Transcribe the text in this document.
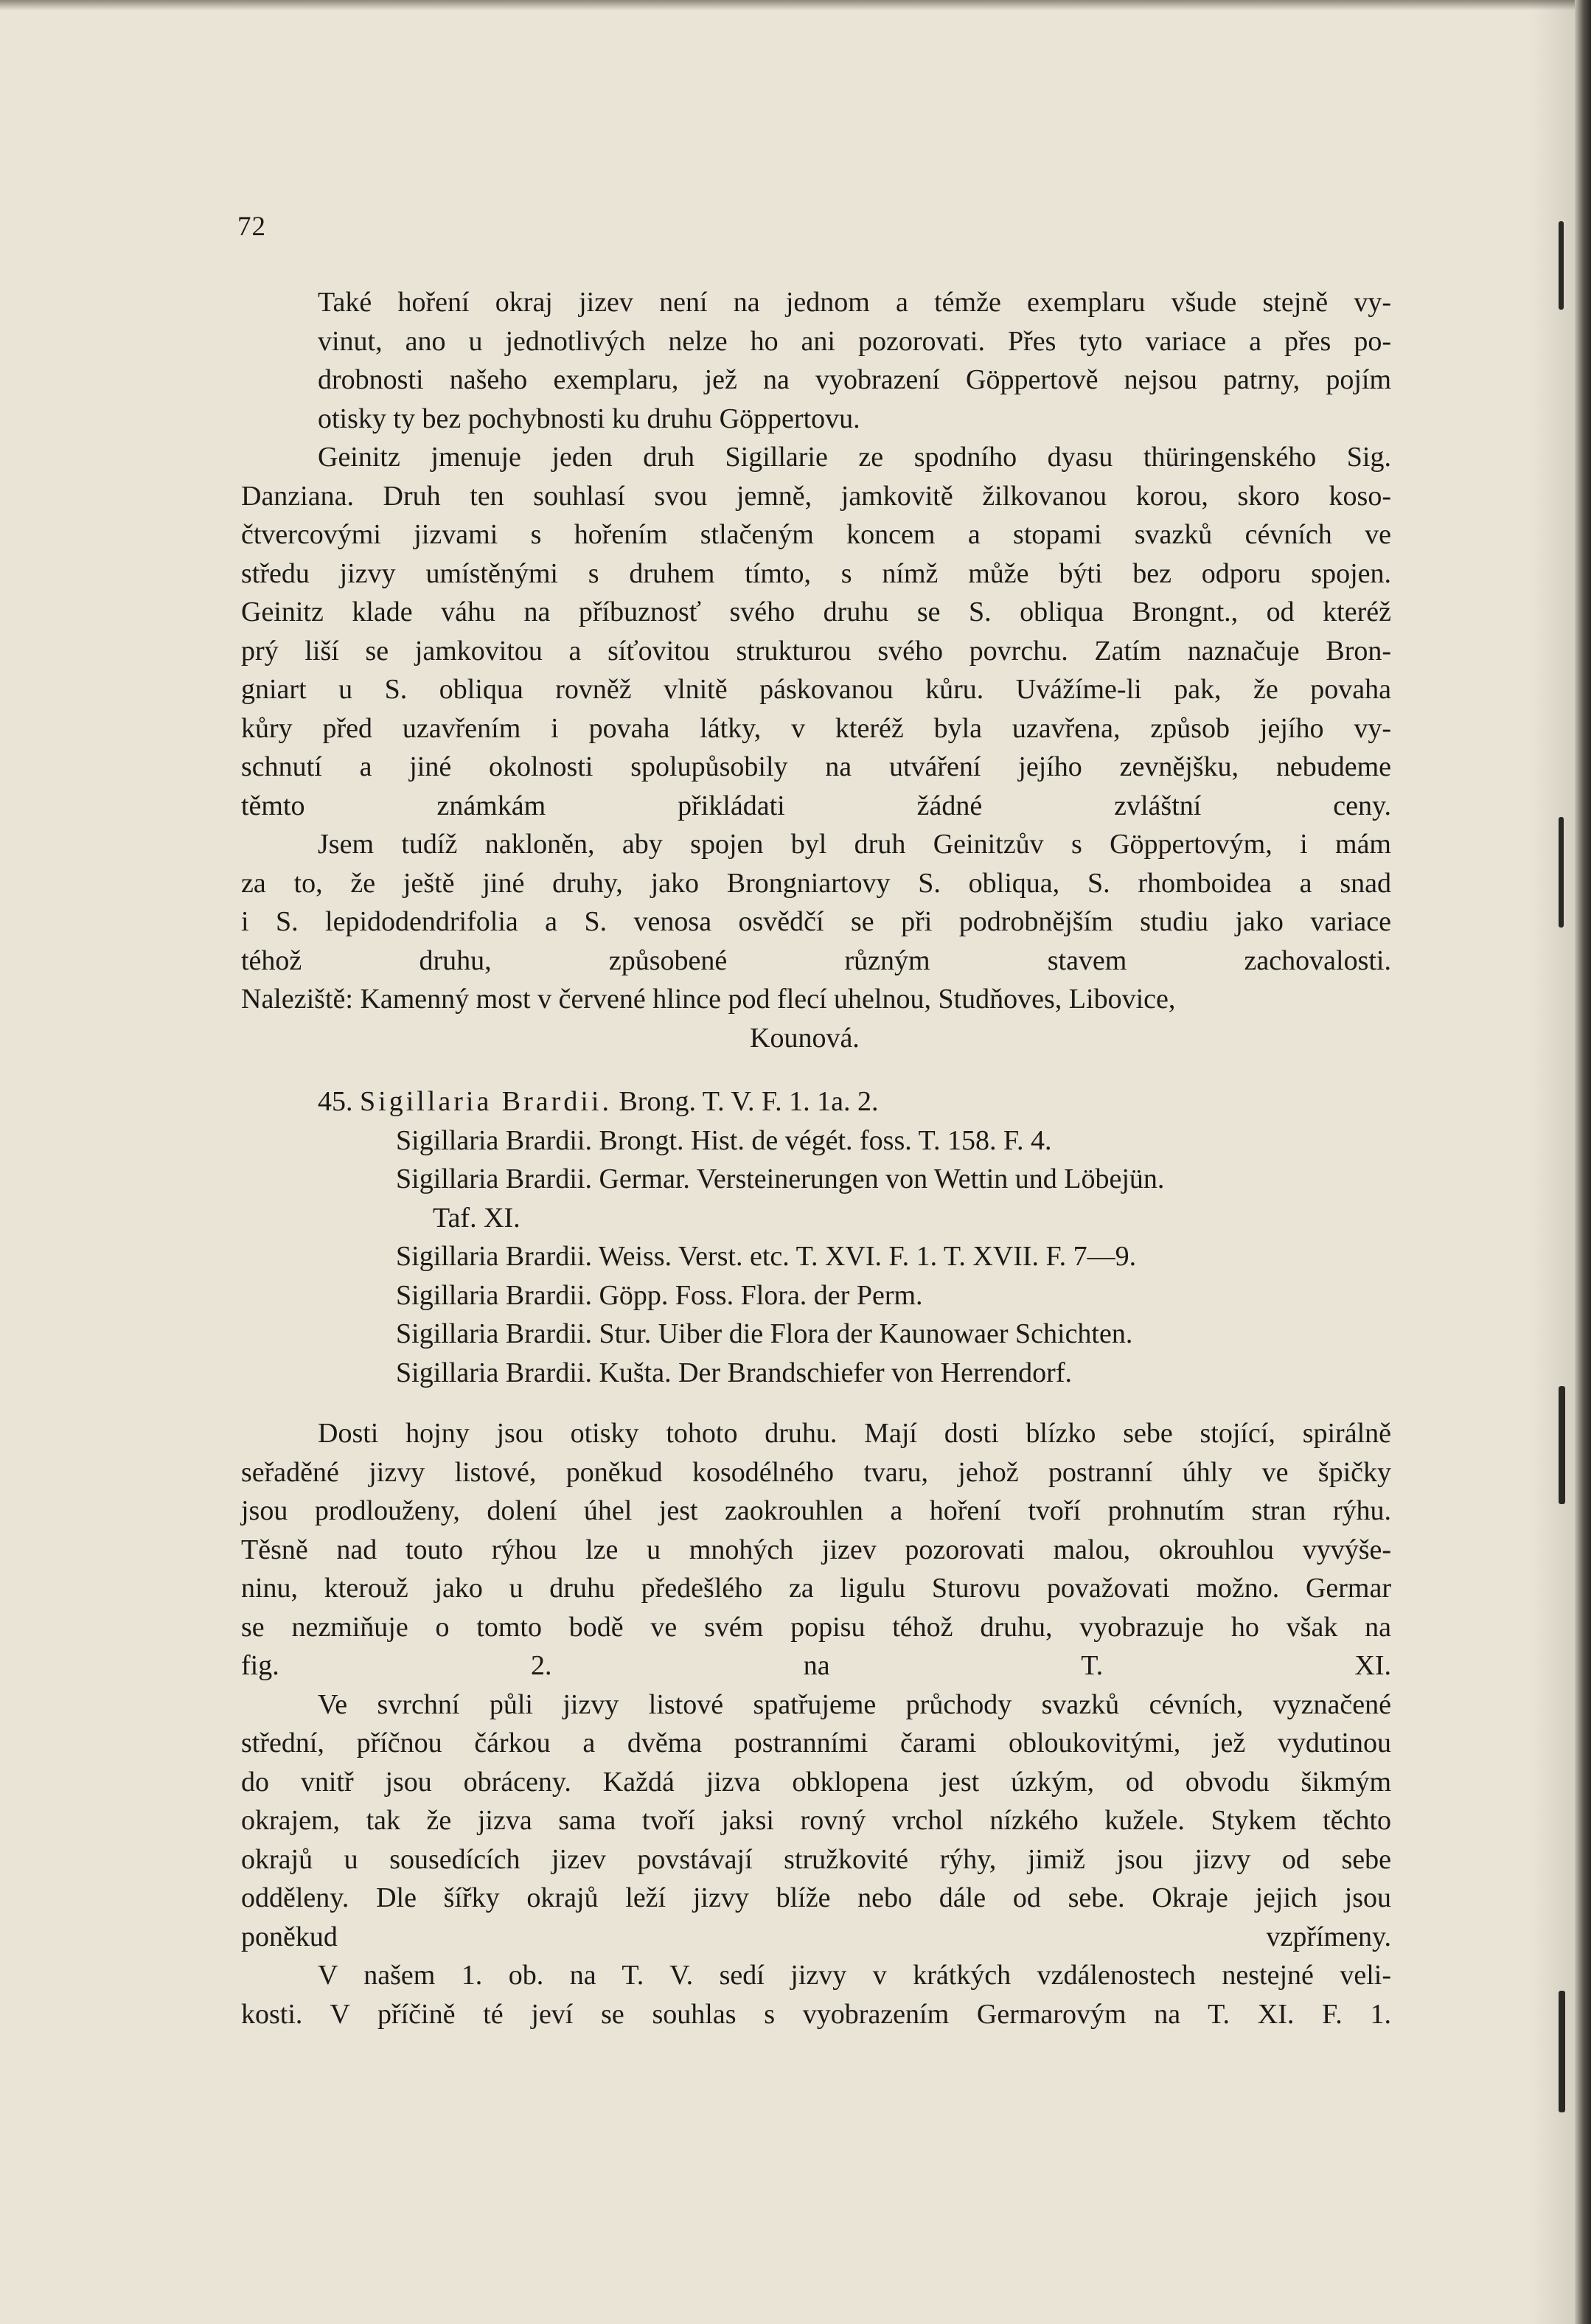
72
Také hoření okraj jizev není na jednom a témže exemplaru všude stejně vy-
vinut, ano u jednotlivých nelze ho ani pozorovati. Přes tyto variace a přes po-
drobnosti našeho exemplaru, jež na vyobrazení Göppertově nejsou patrny, pojím
otisky ty bez pochybnosti ku druhu Göppertovu.
Geinitz jmenuje jeden druh Sigillarie ze spodního dyasu thüringenského Sig.
Danziana. Druh ten souhlasí svou jemně, jamkovitě žilkovanou korou, skoro koso-
čtvercovými jizvami s hořením stlačeným koncem a stopami svazků cévních ve
středu jizvy umístěnými s druhem tímto, s nímž může býti bez odporu spojen.
Geinitz klade váhu na příbuznosť svého druhu se S. obliqua Brongnt., od kteréž
prý liší se jamkovitou a síťovitou strukturou svého povrchu. Zatím naznačuje Bron-
gniart u S. obliqua rovněž vlnitě páskovanou kůru. Uvážíme-li pak, že povaha
kůry před uzavřením i povaha látky, v kteréž byla uzavřena, způsob jejího vy-
schnutí a jiné okolnosti spolupůsobily na utváření jejího zevnějšku, nebudeme
těmto známkám přikládati žádné zvláštní ceny.
Jsem tudíž nakloněn, aby spojen byl druh Geinitzův s Göppertovým, i mám
za to, že ještě jiné druhy, jako Brongniartovy S. obliqua, S. rhomboidea a snad
i S. lepidodendrifolia a S. venosa osvědčí se při podrobnějším studiu jako variace
téhož druhu, způsobené různým stavem zachovalosti.
Naleziště: Kamenný most v červené hlince pod flecí uhelnou, Studňoves, Libovice,
Kounová.
45. Sigillaria Brardii. Brong. T. V. F. 1. 1a. 2.
Sigillaria Brardii. Brongt. Hist. de végét. foss. T. 158. F. 4.
Sigillaria Brardii. Germar. Versteinerungen von Wettin und Löbejün.
Taf. XI.
Sigillaria Brardii. Weiss. Verst. etc. T. XVI. F. 1. T. XVII. F. 7—9.
Sigillaria Brardii. Göpp. Foss. Flora. der Perm.
Sigillaria Brardii. Stur. Uiber die Flora der Kaunowaer Schichten.
Sigillaria Brardii. Kušta. Der Brandschiefer von Herrendorf.
Dosti hojny jsou otisky tohoto druhu. Mají dosti blízko sebe stojící, spirálně
seřaděné jizvy listové, poněkud kosodélného tvaru, jehož postranní úhly ve špičky
jsou prodlouženy, dolení úhel jest zaokrouhlen a hoření tvoří prohnutím stran rýhu.
Těsně nad touto rýhou lze u mnohých jizev pozorovati malou, okrouhlou vyvýše-
ninu, kterouž jako u druhu předešlého za ligulu Sturovu považovati možno. Germar
se nezmiňuje o tomto bodě ve svém popisu téhož druhu, vyobrazuje ho však na
fig. 2. na T. XI.
Ve svrchní půli jizvy listové spatřujeme průchody svazků cévních, vyznačené
střední, příčnou čárkou a dvěma postranními čarami obloukovitými, jež vydutinou
do vnitř jsou obráceny. Každá jizva obklopena jest úzkým, od obvodu šikmým
okrajem, tak že jizva sama tvoří jaksi rovný vrchol nízkého kužele. Stykem těchto
okrajů u sousedících jizev povstávají stružkovité rýhy, jimiž jsou jizvy od sebe
odděleny. Dle šířky okrajů leží jizvy blíže nebo dále od sebe. Okraje jejich jsou
poněkud vzpřímeny.
V našem 1. ob. na T. V. sedí jizvy v krátkých vzdálenostech nestejné veli-
kosti. V příčině té jeví se souhlas s vyobrazením Germarovým na T. XI. F. 1.
